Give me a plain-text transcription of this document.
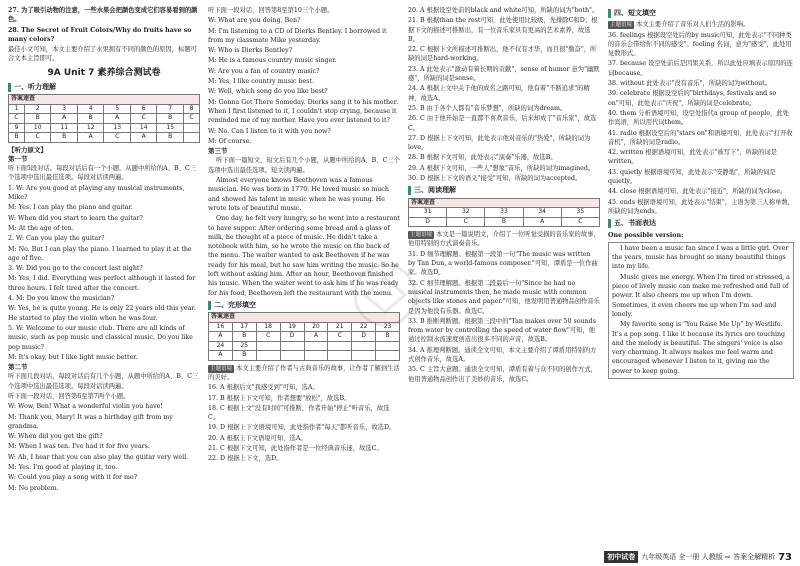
27. 为了吸引动物的注意，一些水果会把颜色变成它们容易看到的颜色。

28. The Secret of Fruit Colors/Why do fruits have so many colors?

最佳小文可知，本文主要介绍了水果拥有不同的颜色的原因，标题可合文本主旨即可。

9A Unit 7 素养综合测试卷
一、听力理解
答案速查							
1	2	3	4	5	6	7	8
C	B	A	B	A	C	B	C
9	10	11	12	13	14	15	
B	C	B	A	C	A	B	
【听力原文】
第一节

听下面5段对话。每段对话后有一个小题，从题中所给的A、B、C三个选项中选出最佳选项。每段对话读两遍。

1. W: Are you good at playing any musical instruments, Mike?

M: Yes. I can play the piano and guitar.

W: When did you start to learn the guitar?

M: At the age of ten.

2. W: Can you play the guitar?

M: No. But I can play the piano. I learned to play it at the age of five.

3. W: Did you go to the concert last night?

M: Yes, I did. Everything was perfect although it lasted for three hours. I felt tired after the concert.

4. M: Do you know the musician?

W: Yes, he is quite young. He is only 22 years old this year. He started to play the violin when he was four.

5. W: Welcome to our music club. There are all kinds of music, such as pop music and classical music. Do you like pop music?

M: It's okay, but I like light music better.

第二节

听下面几段对话，每段对话后有几个小题，从题中所给的A、B、C三个选项中选出最佳选项。每段对话读两遍。

听下面一段对话，回答第6至第7两个小题。

W: Wow, Ben! What a wonderful violin you have!

M: Thank you, Mary! It was a birthday gift from my grandma.

W: When did you get the gift?

M: When I was ten. I've had it for five years.

W: Ah, I hear that you can also play the guitar very well.

M: Yes. I'm good at playing it, too.

W: Could you play a song with it for me?

M: No problem.

听下面一段对话，回答第8至第10三个小题。

W: What are you doing, Ben?

M: I'm listening to a CD of Dierks Bentley. I borrowed it from my classmate Mike yesterday.

W: Who is Dierks Bentley?

M: He is a famous country music singer.

W: Are you a fan of country music?

M: Yes, I like country music best.

W: Well, which song do you like best?

M: Gonna Get There Someday. Dierks sang it to his mother. When I first listened to it, I couldn't stop crying, because it reminded me of my mother. Have you ever listened to it?

W: No. Can I listen to it with you now?

M: Of course.

第三节

听下面一篇短文，短文后有几个小题，从题中所给的A、B、C三个选项中选出最佳选项。短文读两遍。

Almost everyone knows Beethoven was a famous musician. He was born in 1770. He loved music so much and showed his talent in music when he was young. He wrote lots of beautiful music.

One day, he felt very hungry, so he went into a restaurant to have supper. After ordering some bread and a glass of milk, he thought of a piece of music. He didn't take a notebook with him, so he wrote the music on the back of the menu. The waiter wanted to ask Beethoven if he was ready for his meal, but he saw him writing the music. So he left without asking him. After an hour, Beethoven finished his music. When the waiter went to ask him if he was ready for his food, Beethoven left the restaurant with the menu.

二、完形填空
答案速查							
16	17	18	19	20	21	22	23
A	B	C	D	A	C	D	B
24	25						
A	B						

主题语境 本文主要介绍了作者与古典音乐的故事，让作者了解到生活的美好。

16. A 根据后文"我感受到"可知，选A。

17. B 根据上下文可知，作者想要"放松"，故选B。

18. C 根据上文"没有时间"可推断，作者开始"停止"听音乐，故选C。

19. D 根据上下文语境可知，此处指作者"每天"都听音乐，故选D。

20. A 根据上下文语境可知，选A。

21. C 根据下文可知，此处指作者是一位经典音乐迷，故选C。

22. D 根据上下文，选D。

20. A 根据设空处前的black and white可知，所缺的词为"both"。

21. B 根据than the rest可知，此处使用比较级，先排除C和D；根据下文的描述可推断出，有一位音乐家具有更高的艺术素养，故选B。

22. C 根据下文所描述可推断出，他不仅有才华，而且很"勤奋"，所缺的词是hard-working。

23. A 此处表示"激动有着长期的贡献"，sense of humor 意为"幽默感"，所缺的词是sense。

24. A 根据上文中关于他的成名之路可知，他有着"不断追求"的精神，故选A。

25. B 由于各个人都有"音乐梦想"，所缺的词为dream。

26. C 由于他开始是一直都不喜欢音乐，后来却成了"音乐家"，故选C。

27. D 根据上下文可知，此处表示他对音乐的"热爱"，所缺的词为love。

28. B 根据下文可知，此处表示"演奏"乐器，故选B。

29. A 根据下文可知，一些人"想象"音乐，所缺的词为imagined。

30. D 根据上下文的语义"接受"可知，所缺的词为accepted。

三、阅读理解
答案速查				
31	32	33	34	35
D	C	B	A	C

主题语境 本文是一篇说明文，介绍了一位听觉受损的音乐家的故事，他用特别的方式演奏音乐。

31. D 细节理解题。根据第一段第一句"The music was written by Tan Dun, a world-famous composer."可知，谭盾是一位作曲家。故选D。

32. C 细节理解题。根据第二段最后一句"Since he had no musical instruments then, he made music with common objects like stones and paper."可知，他发明用普通物品创作音乐是因为他没有乐器。故选C。

33. B 推断判断题。根据第三段中的"Tan makes over 50 sounds from water by controlling the speed of water flow"可知，他通过控制水流速度创造出很多不同的声音，故选B。

34. A 推理判断题。通读全文可知，本文主要介绍了谭盾用特别的方式创作音乐，故选A。

35. C 主旨大意题。通读全文可知，谭盾有着与众不同的创作方式，他用普通物品创作出了美妙的音乐，故选C。

四、短文填空

主题语境 本文主要介绍了音乐对人们生活的影响。

36. feelings 根据设空处后的by music可知，此处表示"不同种类的音乐会带给你不同的感受"。feeling 名词，意为"感受"，此处用复数形式。

37. because 设空处前后是因果关系，所以此处应填表示原因的连词because。

38. without 此处表示"没有音乐"，所缺的词为without。

39. celebrate 根据设空后的"birthdays, festivals and so on"可知，此处表示"庆祝"，所缺的词是celebrate。

40. them 分析语境可知，设空处指代a group of people，此处作宾语，所以用代词them。

41. radio 根据设空后的"stars on"和语境可知，此处表示"打开收音机"，所缺的词是radio。

42. written 根据语境可知，此处表示"被写下"，所缺的词是written。

43. quietly 根据语境可知，此处表示"安静地"，所缺的词是quietly。

44. close 根据语境可知，此处表示"接近"，所缺的词为close。

45. ends 根据语境可知，此处表示"结束"，主语为第三人称单数，所缺的词为ends。

五、书面表达
One possible version:

I have been a music fan since I was a little girl. Over the years, music has brought so many beautiful things into my life.

Music gives me energy. When I'm tired or stressed, a piece of lively music can make me refreshed and full of power. It also cheers me up when I'm down. Sometimes, it even cheers me up when I'm sad and lonely.

My favorite song is "You Raise Me Up" by Westlife. It's a pop song. I like it because its lyrics are touching and the melody is beautiful. The singers' voice is also very charming. It always makes me feel warm and encouraged whenever I listen to it, giving me the power to keep going.

初中试卷 九年级英语 全一册 人教版 ⇨ 答案全解精析 73
